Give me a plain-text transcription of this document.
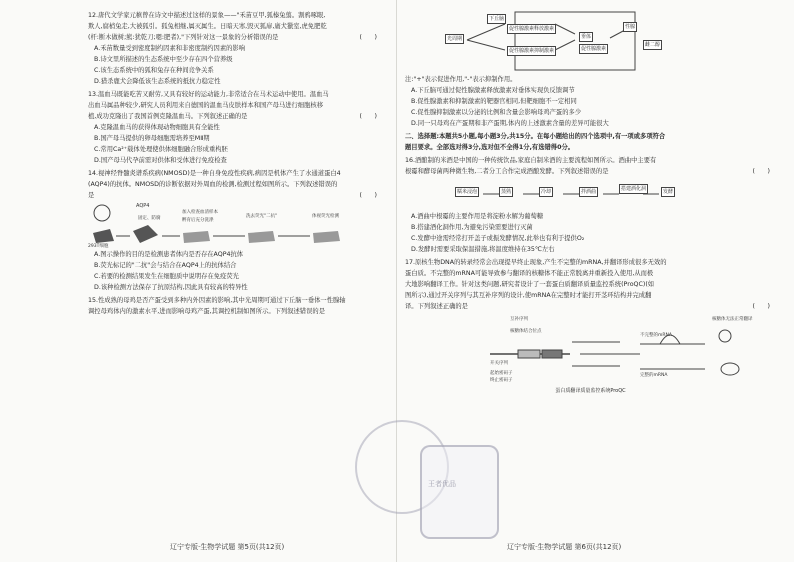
12.唐代文学家元稹曾在诗文中描述过这样的景象——"禾苗豆甲,狐榛兔翦。割鸦啄眼,

欺人,腐梢兔走,大被狐引。狐兔相继,属灭属生。日暗天寒,毁灭狐扉,廣犬獵室,虎免肥乾

(杆:断木做树;熊:犹乾刀;嗯:肥者),"下列针对这一景象的分析错误的是	(　　)

A.禾苗数量受到密度制约因素和非密度制约因素的影响

B.诗文里所描述的生态系统中至少存在四个营养级

C.该生态系统中的狐和兔存在种间竞争关系

D.猎杀鹿犬会降低该生态系统的抵抗力稳定性

13.温血马既能吃苦又耐劳,又具有较好的运动能力,非常适合在马术运动中使用。温血马

出血马属品种较少,研究人员利用来自德国的温血马皮肤样本和国产母马进行细胞核移

植,成功克隆出了我国首例克隆温血马。下列叙述正确的是	(　　)

A.克隆温血马的获得体现动物细胞具有全能性

B.国产母马提供的卵母细胞需培养至MⅡ期

C.常用Ca²⁺载体处理使供体细胞融合形成重构胚

D.国产母马代孕前需对供体和受体进行免疫检查

14.视神经脊髓炎谱系疾病(NMOSD)是一种自身免疫性疾病,病因是机体产生了水通道蛋白4

(AQP4)的抗体。NMOSD的诊断依据对外周血的检测,检测过程如图所示。下列叙述错误的

是	(　　)

AQP4
293T细胞
固定、防腐
加入检查血清样本
孵育后充分洗涤
洗去荧光"二抗"	体视荧光检测

A.图示操作的目的是检测患者体内是否存在AQP4抗体

B.荧光标记的"二抗"会与结合在AQP4上的抗体结合

C.若要的检测结果发生在细胞质中说明存在免疫荧光

D.该种检测方法保存了抗原结构,因此具有较高的特异性

15.性成熟的母鸡是否产蛋受到多种内外因素的影响,其中光周期可通过下丘脑一垂体一性腺轴

调控母鸡体内的激素水平,进而影响母鸡产蛋,其调控机制如图所示。下列叙述错误的是

辽宁专版·生物学试题 第5页(共12页)
光周期
下丘脑
促性腺激素释放激素
促性腺激素抑制激素
垂体
促性腺激素
性腺
雌二醇

注:"+"表示促进作用,"-"表示抑制作用。

A.下丘脑可通过促性腺激素释放激素对垂体实现负反馈调节

B.促性腺激素和抑制激素的靶器官相同,但靶细胞不一定相同

C.促性腺抑制激素以分泌的比例和含量会影响母鸡产蛋的多少

D.同一只母鸡在产蛋期和非产蛋期,体内的上述激素含量的差异可能很大

二、选择题:本题共5小题,每小题3分,共15分。在每小题给出的四个选项中,有一项或多项符合

题目要求。全部选对得3分,选对但不全得1分,有选错得0分。

16.酒酿制的米酒是中国的一种传统饮品,家庭自制米酒的主要流程如图所示。酒曲中主要有

根霉和酵母菌两种微生物,二者分工合作完成酒酿发酵。下列叙述错误的是	(　　)

糯米浸泡	蒸熟	冷却	拌酒曲	搭建酒化洞	发酵

A.酒曲中根霉的主要作用是将淀粉水解为葡萄糖

B.搭建酒化洞作用,为避免污染需要进行灭菌

C.发酵中途需经常打开盖子或振发酵情况,此举也有利于提供O₂

D.发酵时需要采取保温措施,将温度维持在35℃左右

17.原核生物DNA的转录经常会出现提早终止现象,产生不完整的mRNA,并翻译形成很多无效的

蛋白质。不完整的mRNA可能导致参与翻译的核糖体不能正常脱离并重新投入使用,从而极

大地影响翻译工作。针对这类问题,研究者设计了一套蛋白质翻译质量监控系统(ProQC)(如

图所示),通过开关序列与其互补序列的设计,使mRNA在完整时才能打开茎环结构并完成翻

译。下列叙述正确的是	(　　)

互补序列
开关序列
核糖体结合位点
起始密码子
终止密码子
不完整的mRNA
完整的mRNA
核糖体无法正常翻译

蛋白质翻译质量监控系统ProQC

辽宁专版·生物学试题 第6页(共12页)
王者优品
